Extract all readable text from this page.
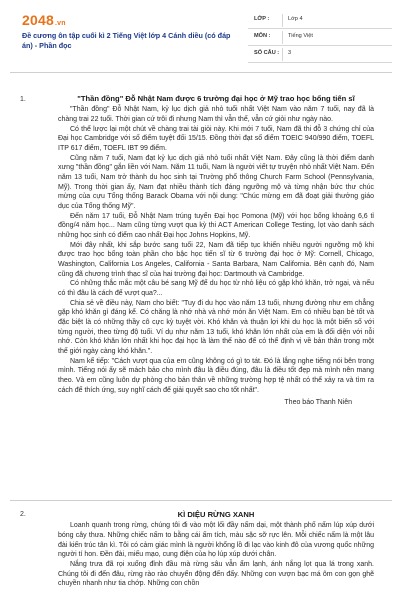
2048.vn
Đề cương ôn tập cuối kì 2 Tiếng Việt lớp 4 Cánh diều (có đáp án) - Phần đọc
LỚP :	Lớp 4
MÔN :	Tiếng Việt
SỐ CÂU : 3
1.	"Thần đồng" Đỗ Nhật Nam được 6 trường đại học ở Mỹ trao học bổng tiến sĩ

"Thần đồng" Đỗ Nhật Nam, kỷ lục dịch giả nhỏ tuổi nhất Việt Nam vào năm 7 tuổi, nay đã là chàng trai 22 tuổi. Thời gian cứ trôi đi nhưng Nam thì vẫn thế, vẫn cứ giỏi như ngày nào.

Có thể lược lại một chút về chàng trai tài giỏi này. Khi mới 7 tuổi, Nam đã thi đỗ 3 chứng chỉ của Đại học Cambridge với số điểm tuyệt đối 15/15. Đồng thời đạt số điểm TOEIC 940/990 điểm, TOEFL ITP 617 điểm, TOEFL IBT 99 điểm.

Cũng năm 7 tuổi, Nam đạt kỷ lục dịch giả nhỏ tuổi nhất Việt Nam. Đây cũng là thời điểm danh xưng "thần đồng" gắn liền với Nam. Năm 11 tuổi, Nam là người viết tự truyện nhỏ nhất Việt Nam. Đến năm 13 tuổi, Nam trở thành du học sinh tại Trường phổ thông Church Farm School (Pennsylvania, Mỹ). Trong thời gian ấy, Nam đạt nhiều thành tích đáng ngưỡng mộ và từng nhận bức thư chúc mừng của cựu Tổng thống Barack Obama với nội dung: "Chúc mừng em đã đoạt giải thưởng giáo dục của Tổng thống Mỹ".

Đến năm 17 tuổi, Đỗ Nhật Nam trúng tuyển Đại học Pomona (Mỹ) với học bổng khoảng 6,6 tỉ đồng/4 năm học... Nam cũng từng vượt qua kỳ thi ACT American College Testing, lọt vào danh sách những học sinh có điểm cao nhất Đại học Johns Hopkins, Mỹ.

Mới đây nhất, khi sắp bước sang tuổi 22, Nam đã tiếp tục khiến nhiều người ngưỡng mộ khi được trao học bổng toàn phần cho bậc học tiến sĩ từ 6 trường đại học ở Mỹ: Cornell, Chicago, Washington, California Los Angeles, California - Santa Barbara, Nam California. Bên cạnh đó, Nam cũng đã chương trình thạc sĩ của hai trường đại học: Dartmouth và Cambridge.

Có những thắc mắc một câu bé sang Mỹ để du học từ nhỏ liệu có gặp khó khăn, trở ngại, và nếu có thì đâu là cách để vượt qua?...

Chia sẻ về điều này, Nam cho biết: "Tuy đi du học vào năm 13 tuổi, nhưng đường như em chẳng gặp khó khăn gì đáng kể. Có chăng là nhớ nhà và nhớ món ăn Việt Nam. Em có nhiều bạn bè tốt và đặc biệt là có những thầy cô cực kỳ tuyệt vời. Khó khăn và thuận lợi khi du học là một biến số với từng người, theo từng độ tuổi. Ví dụ như năm 13 tuổi, khó khăn lớn nhất của em là đối diện với nỗi nhớ. Còn khó khăn lớn nhất khi học đại học là làm thế nào để có thể định vị về bản thân trong một thế giới ngày càng khó khăn.".

Nam kể tiếp: "Cách vượt qua của em cũng không có gì to tát. Đó là lắng nghe tiếng nói bên trong mình. Tiếng nói ấy sẽ mách bảo cho mình đâu là điều đúng, đâu là điều tốt đẹp mà mình nên mang theo. Và em cũng luôn dự phòng cho bản thân về những trường hợp tệ nhất có thể xảy ra và tìm ra cách để thích ứng, suy nghĩ cách để giải quyết sao cho tốt nhất".

Theo báo Thanh Niên
2.	KÌ DIỆU RỪNG XANH

Loanh quanh trong rừng, chúng tôi đi vào một lối đầy nấm dại, một thành phố nấm lúp xúp dưới bóng cây thưa. Những chiếc nấm to bằng cái ấm tích, màu sặc sỡ rực lên. Mỗi chiếc nấm là một lâu đài kiến trúc tân kì. Tôi có cảm giác mình là người khổng lồ đi lạc vào kinh đô của vương quốc những người tí hon. Đền đài, miếu mạo, cung điện của họ lúp xúp dưới chân.

Nắng trưa đã rọi xuống đỉnh đầu mà rừng sâu vẫn ẩm lạnh, ánh nắng lọt qua lá trong xanh. Chúng tôi đi đến đâu, rừng rào rào chuyển động đến đấy. Những con vượn bạc má ôm con gọn ghẽ chuyền nhanh như tia chớp. Những con chồn
